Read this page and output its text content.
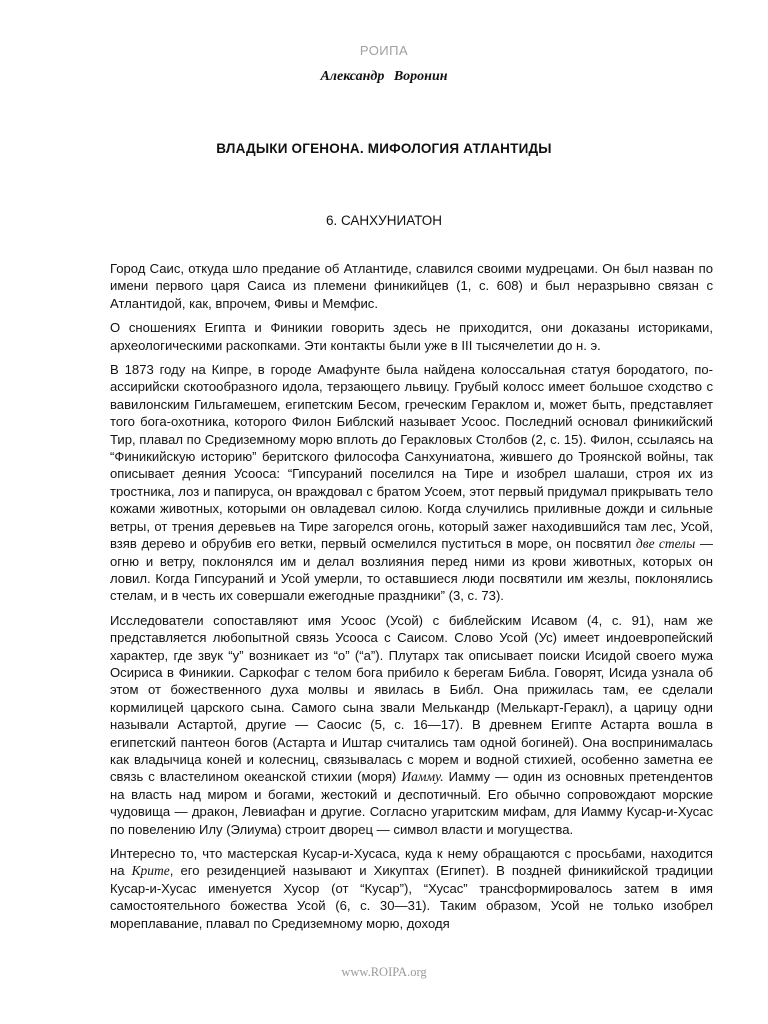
РОИПА
Александр Воронин
ВЛАДЫКИ ОГЕНОНА. МИФОЛОГИЯ АТЛАНТИДЫ
6. САНХУНИАТОН

Город Саис, откуда шло предание об Атлантиде, славился своими мудрецами. Он был назван по имени первого царя Саиса из племени финикийцев (1, с. 608) и был неразрывно связан с Атлантидой, как, впрочем, Фивы и Мемфис.

О сношениях Египта и Финикии говорить здесь не приходится, они доказаны историками, археологическими раскопками. Эти контакты были уже в III тысячелетии до н. э.

В 1873 году на Кипре, в городе Амафунте была найдена колоссальная статуя бородатого, по-ассирийски скотообразного идола, терзающего львицу. Грубый колосс имеет большое сходство с вавилонским Гильгамешем, египетским Бесом, греческим Гераклом и, может быть, представляет того бога-охотника, которого Филон Библский называет Усоос. Последний основал финикийский Тир, плавал по Средиземному морю вплоть до Геракловых Столбов (2, с. 15). Филон, ссылаясь на “Финикийскую историю” беритского философа Санхуниатона, жившего до Троянской войны, так описывает деяния Усооса: “Гипсураний поселился на Тире и изобрел шалаши, строя их из тростника, лоз и папируса, он враждовал с братом Усоем, этот первый придумал прикрывать тело кожами животных, которыми он овладевал силою. Когда случились приливные дожди и сильные ветры, от трения деревьев на Тире загорелся огонь, который зажег находившийся там лес, Усой, взяв дерево и обрубив его ветки, первый осмелился пуститься в море, он посвятил две стелы — огню и ветру, поклонялся им и делал возлияния перед ними из крови животных, которых он ловил. Когда Гипсураний и Усой умерли, то оставшиеся люди посвятили им жезлы, поклонялись стелам, и в честь их совершали ежегодные праздники” (3, с. 73).

Исследователи сопоставляют имя Усоос (Усой) с библейским Исавом (4, с. 91), нам же представляется любопытной связь Усооса с Саисом. Слово Усой (Ус) имеет индоевропейский характер, где звук “у” возникает из “о” (“а”). Плутарх так описывает поиски Исидой своего мужа Осириса в Финикии. Саркофаг с телом бога прибило к берегам Библа. Говорят, Исида узнала об этом от божественного духа молвы и явилась в Библ. Она прижилась там, ее сделали кормилицей царского сына. Самого сына звали Мелькандр (Мелькарт-Геракл), а царицу одни называли Астартой, другие — Саосис (5, с. 16—17). В древнем Египте Астарта вошла в египетский пантеон богов (Астарта и Иштар считались там одной богиней). Она воспринималась как владычица коней и колесниц, связывалась с морем и водной стихией, особенно заметна ее связь с властелином океанской стихии (моря) Иамму. Иамму — один из основных претендентов на власть над миром и богами, жестокий и деспотичный. Его обычно сопровождают морские чудовища — дракон, Левиафан и другие. Согласно угаритским мифам, для Иамму Кусар-и-Хусас по повелению Илу (Элиума) строит дворец — символ власти и могущества.

Интересно то, что мастерская Кусар-и-Хусаса, куда к нему обращаются с просьбами, находится на Крите, его резиденцией называют и Хикуптах (Египет). В поздней финикийской традиции Кусар-и-Хусас именуется Хусор (от “Кусар”), “Хусас” трансформировалось затем в имя самостоятельного божества Усой (6, с. 30—31). Таким образом, Усой не только изобрел мореплавание, плавал по Средиземному морю, доходя

www.ROIPA.org
